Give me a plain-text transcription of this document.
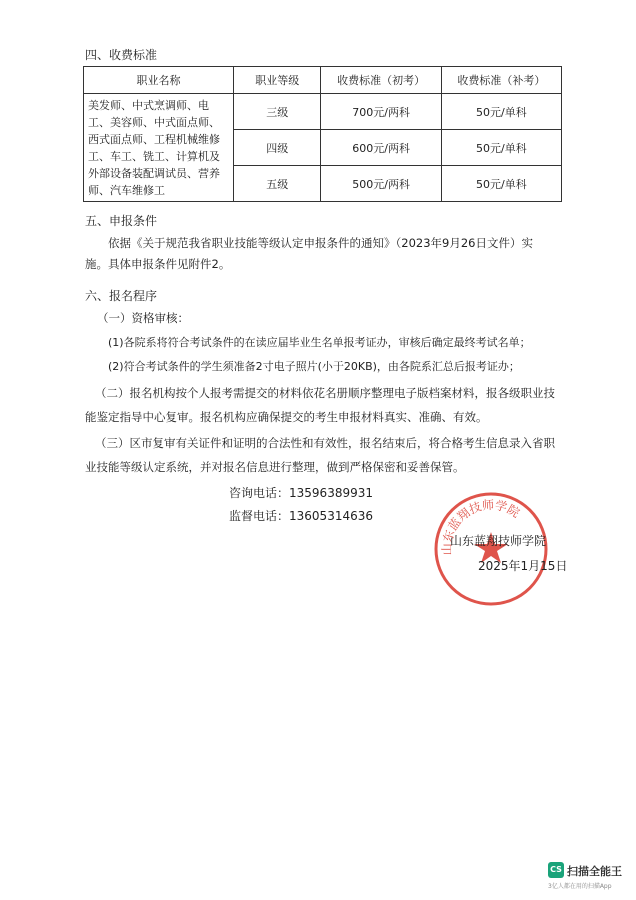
四、收费标准
职业名称	职业等级	收费标准（初考）	收费标准（补考）
美发师、中式烹调师、电工、美容师、中式面点师、西式面点师、工程机械维修工、车工、铣工、计算机及外部设备装配调试员、营养师、汽车维修工	三级	700元/两科	50元/单科
	四级	600元/两科	50元/单科
	五级	500元/两科	50元/单科
五、申报条件
依据《关于规范我省职业技能等级认定申报条件的通知》（2023年9月26日文件）实施。具体申报条件见附件2。
六、报名程序
（一）资格审核：
(1)各院系将符合考试条件的在读应届毕业生名单报考证办，审核后确定最终考试名单；
(2)符合考试条件的学生须准备2寸电子照片(小于20KB)，由各院系汇总后报考证办；
（二）报名机构按个人报考需提交的材料依花名册顺序整理电子版档案材料，报各级职业技能鉴定指导中心复审。报名机构应确保提交的考生申报材料真实、准确、有效。
（三）区市复审有关证件和证明的合法性和有效性，报名结束后，将合格考生信息录入省职业技能等级认定系统，并对报名信息进行整理，做到严格保密和妥善保管。
咨询电话：13596389931
监督电话：13605314636
山东蓝翔技师学院
山东蓝翔技师学院
2025年1月15日
CS 扫描全能王
3亿人都在用的扫描App
